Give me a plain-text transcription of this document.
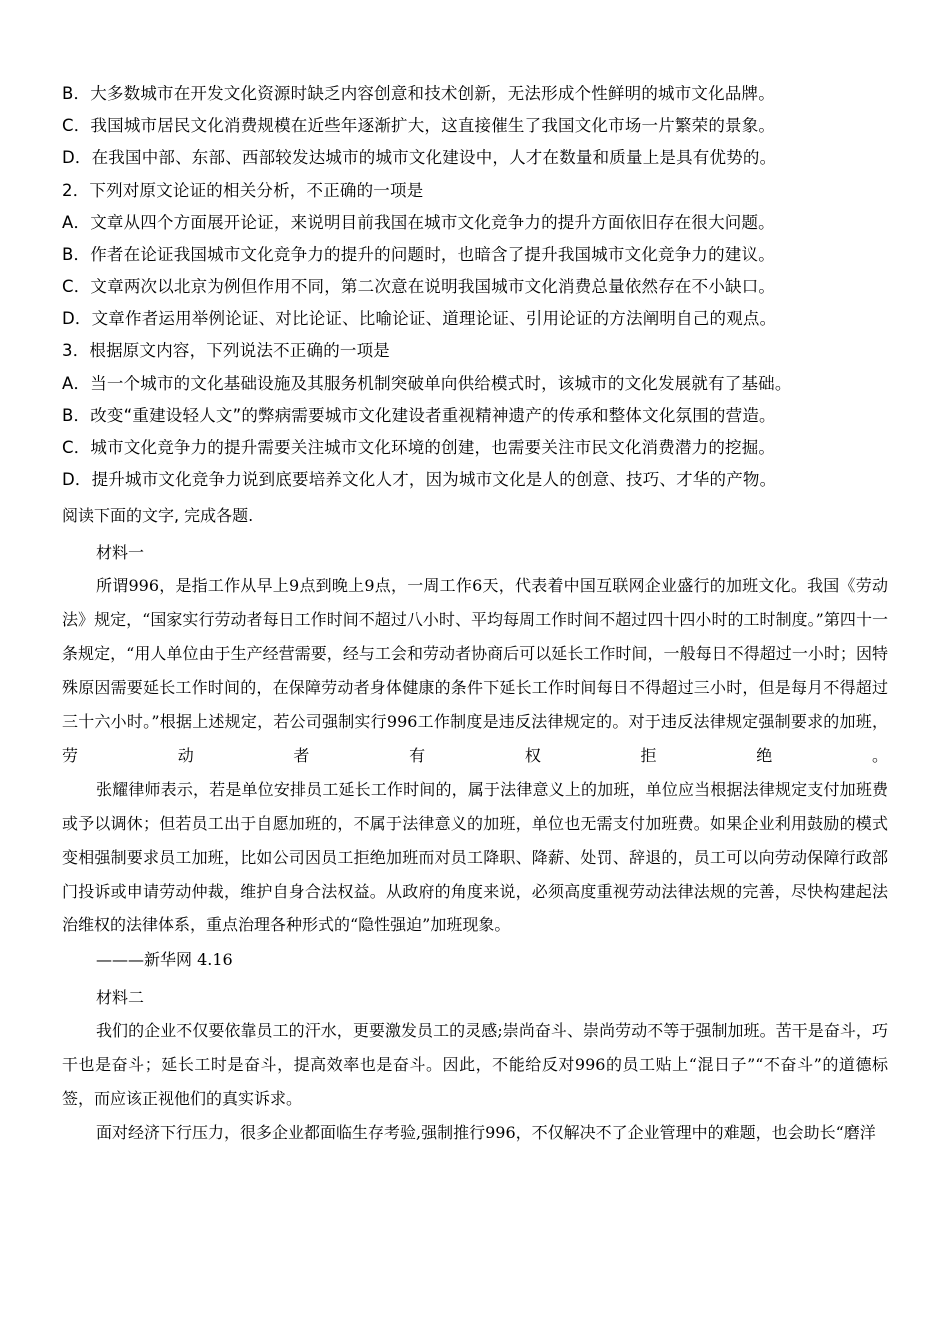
B．大多数城市在开发文化资源时缺乏内容创意和技术创新，无法形成个性鲜明的城市文化品牌。
C．我国城市居民文化消费规模在近些年逐渐扩大，这直接催生了我国文化市场一片繁荣的景象。
D．在我国中部、东部、西部较发达城市的城市文化建设中，人才在数量和质量上是具有优势的。
2．下列对原文论证的相关分析，不正确的一项是
A．文章从四个方面展开论证，来说明目前我国在城市文化竞争力的提升方面依旧存在很大问题。
B．作者在论证我国城市文化竞争力的提升的问题时，也暗含了提升我国城市文化竞争力的建议。
C．文章两次以北京为例但作用不同，第二次意在说明我国城市文化消费总量依然存在不小缺口。
D．文章作者运用举例论证、对比论证、比喻论证、道理论证、引用论证的方法阐明自己的观点。
3．根据原文内容，下列说法不正确的一项是
A．当一个城市的文化基础设施及其服务机制突破单向供给模式时，该城市的文化发展就有了基础。
B．改变“重建设轻人文”的弊病需要城市文化建设者重视精神遗产的传承和整体文化氛围的营造。
C．城市文化竞争力的提升需要关注城市文化环境的创建，也需要关注市民文化消费潜力的挖掘。
D．提升城市文化竞争力说到底要培养文化人才，因为城市文化是人的创意、技巧、才华的产物。
阅读下面的文字, 完成各题.
材料一

所谓996，是指工作从早上9点到晚上9点，一周工作6天，代表着中国互联网企业盛行的加班文化。我国《劳动法》规定，“国家实行劳动者每日工作时间不超过八小时、平均每周工作时间不超过四十四小时的工时制度。”第四十一条规定，“用人单位由于生产经营需要，经与工会和劳动者协商后可以延长工作时间，一般每日不得超过一小时；因特殊原因需要延长工作时间的，在保障劳动者身体健康的条件下延长工作时间每日不得超过三小时，但是每月不得超过三十六小时。”根据上述规定，若公司强制实行996工作制度是违反法律规定的。对于违反法律规定强制要求的加班，劳动者有权拒绝。

张耀律师表示，若是单位安排员工延长工作时间的，属于法律意义上的加班，单位应当根据法律规定支付加班费或予以调休；但若员工出于自愿加班的，不属于法律意义的加班，单位也无需支付加班费。如果企业利用鼓励的模式变相强制要求员工加班，比如公司因员工拒绝加班而对员工降职、降薪、处罚、辞退的，员工可以向劳动保障行政部门投诉或申请劳动仲裁，维护自身合法权益。从政府的角度来说，必须高度重视劳动法律法规的完善，尽快构建起法治维权的法律体系，重点治理各种形式的“隐性强迫”加班现象。

———新华网 4.16
材料二

我们的企业不仅要依靠员工的汗水，更要激发员工的灵感;崇尚奋斗、崇尚劳动不等于强制加班。苦干是奋斗，巧干也是奋斗；延长工时是奋斗，提高效率也是奋斗。因此，不能给反对996的员工贴上“混日子”“不奋斗”的道德标签，而应该正视他们的真实诉求。

面对经济下行压力，很多企业都面临生存考验,强制推行996，不仅解决不了企业管理中的难题，也会助长“磨洋
